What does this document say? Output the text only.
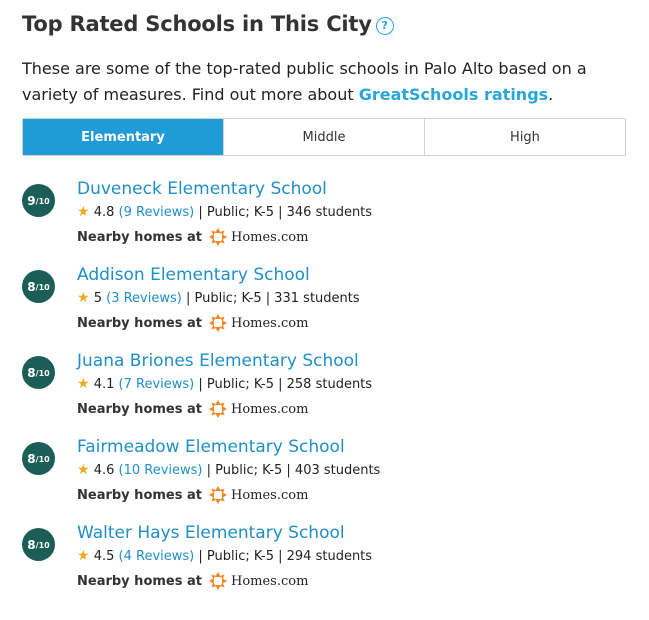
Top Rated Schools in This City ?
These are some of the top-rated public schools in Palo Alto based on a variety of measures. Find out more about GreatSchools ratings.
Elementary	Middle	High
9 /10
Duveneck Elementary School
★ 4.8 (9 Reviews) | Public; K-5 | 346 students
Nearby homes at Homes.com
8 /10
Addison Elementary School
★ 5 (3 Reviews) | Public; K-5 | 331 students
Nearby homes at Homes.com
8 /10
Juana Briones Elementary School
★ 4.1 (7 Reviews) | Public; K-5 | 258 students
Nearby homes at Homes.com
8 /10
Fairmeadow Elementary School
★ 4.6 (10 Reviews) | Public; K-5 | 403 students
Nearby homes at Homes.com
8 /10
Walter Hays Elementary School
★ 4.5 (4 Reviews) | Public; K-5 | 294 students
Nearby homes at Homes.com
